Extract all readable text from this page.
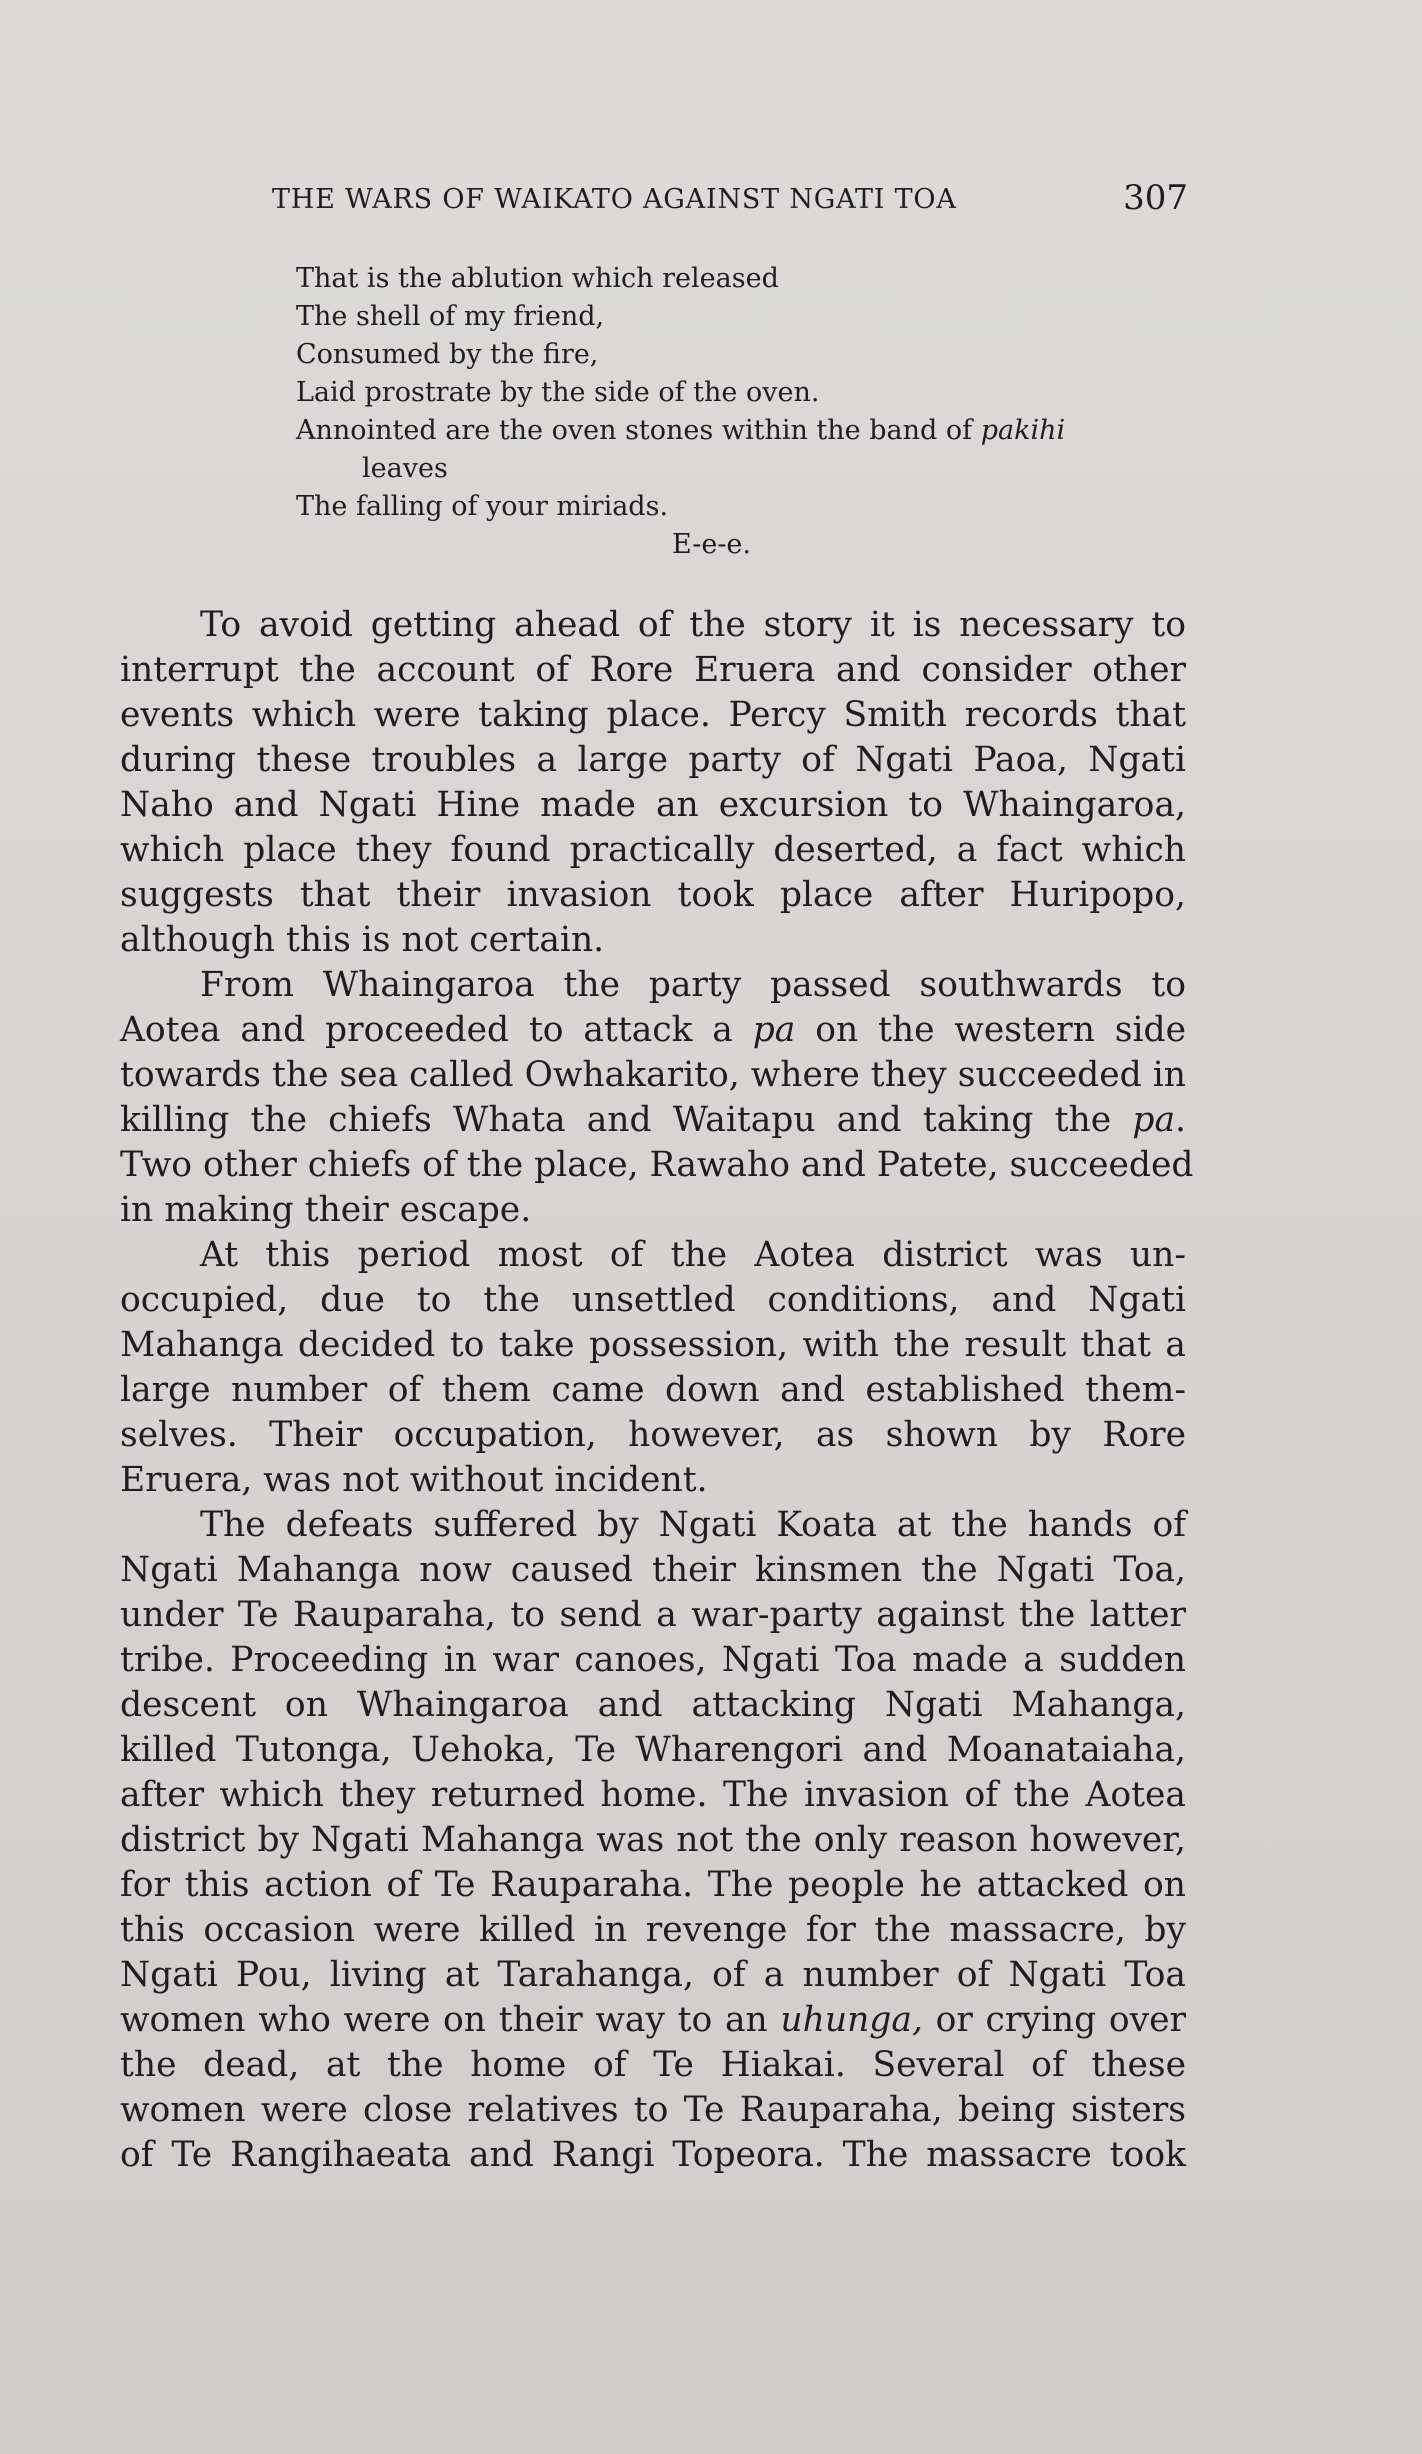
THE WARS OF WAIKATO AGAINST NGATI TOA	307
That is the ablution which released
The shell of my friend,
Consumed by the fire,
Laid prostrate by the side of the oven.
Annointed are the oven stones within the band of pakihi
leaves
The falling of your miriads.
E-e-e.
To avoid getting ahead of the story it is necessary to
interrupt the account of Rore Eruera and consider other
events which were taking place. Percy Smith records that
during these troubles a large party of Ngati Paoa, Ngati
Naho and Ngati Hine made an excursion to Whaingaroa,
which place they found practically deserted, a fact which
suggests that their invasion took place after Huripopo,
although this is not certain.
From Whaingaroa the party passed southwards to
Aotea and proceeded to attack a pa on the western side
towards the sea called Owhakarito, where they succeeded in
killing the chiefs Whata and Waitapu and taking the pa.
Two other chiefs of the place, Rawaho and Patete, succeeded
in making their escape.
At this period most of the Aotea district was un-
occupied, due to the unsettled conditions, and Ngati
Mahanga decided to take possession, with the result that a
large number of them came down and established them-
selves. Their occupation, however, as shown by Rore
Eruera, was not without incident.
The defeats suffered by Ngati Koata at the hands of
Ngati Mahanga now caused their kinsmen the Ngati Toa,
under Te Rauparaha, to send a war-party against the latter
tribe. Proceeding in war canoes, Ngati Toa made a sudden
descent on Whaingaroa and attacking Ngati Mahanga,
killed Tutonga, Uehoka, Te Wharengori and Moanataiaha,
after which they returned home. The invasion of the Aotea
district by Ngati Mahanga was not the only reason however,
for this action of Te Rauparaha. The people he attacked on
this occasion were killed in revenge for the massacre, by
Ngati Pou, living at Tarahanga, of a number of Ngati Toa
women who were on their way to an uhunga, or crying over
the dead, at the home of Te Hiakai. Several of these
women were close relatives to Te Rauparaha, being sisters
of Te Rangihaeata and Rangi Topeora. The massacre took
